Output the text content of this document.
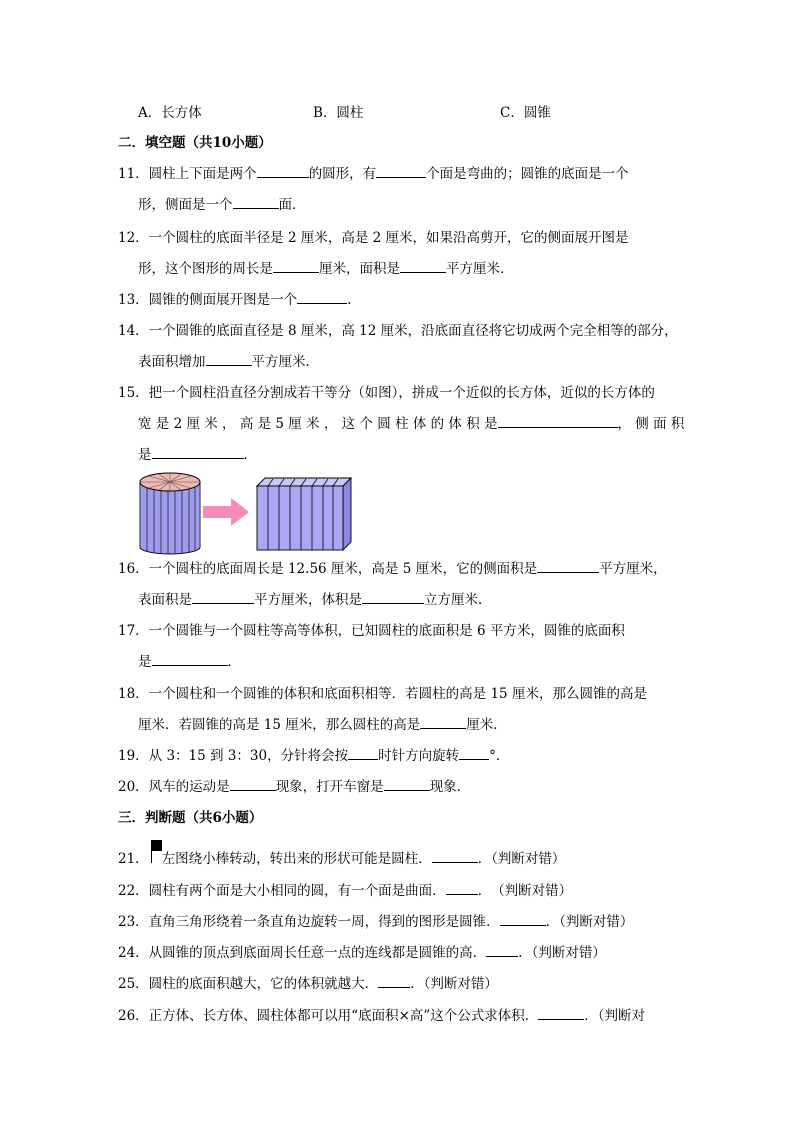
A．长方体	B．圆柱	C．圆锥
二．填空题（共10小题）
11．圆柱上下面是两个	的圆形，有	个面是弯曲的；圆锥的底面是一个
形，侧面是一个	面．
12．一个圆柱的底面半径是 2 厘米，高是 2 厘米，如果沿高剪开，它的侧面展开图是
形，这个图形的周长是	厘米，面积是	平方厘米．
13．圆锥的侧面展开图是一个	．
14．一个圆锥的底面直径是 8 厘米，高 12 厘米，沿底面直径将它切成两个完全相等的部分，
表面积增加	平方厘米．
15．把一个圆柱沿直径分割成若干等分（如图），拼成一个近似的长方体，近似的长方体的
宽 是 2 厘 米 ， 高 是 5 厘 米 ， 这 个 圆 柱 体 的 体 积 是	， 侧 面 积
是	．
16．一个圆柱的底面周长是 12.56 厘米，高是 5 厘米，它的侧面积是	平方厘米，
表面积是	平方厘米，体积是	立方厘米．
17．一个圆锥与一个圆柱等高等体积，已知圆柱的底面积是 6 平方米，圆锥的底面积
是	．
18．一个圆柱和一个圆锥的体积和底面积相等．若圆柱的高是 15 厘米，那么圆锥的高是
厘米．若圆锥的高是 15 厘米，那么圆柱的高是	厘米．
19．从 3：15 到 3：30，分针将会按 时针方向旋转 °．
20．风车的运动是	现象，打开车窗是	现象．
三．判断题（共6小题）
21． 左图绕小棒转动，转出来的形状可能是圆柱．	．（判断对错）
22．圆柱有两个面是大小相同的圆，有一个面是曲面． ．　（判断对错）
23．直角三角形绕着一条直角边旋转一周，得到的图形是圆锥．	．（判断对错）
24．从圆锥的顶点到底面周长任意一点的连线都是圆锥的高． ．（判断对错）
25．圆柱的底面积越大，它的体积就越大． ．（判断对错）
26．正方体、长方体、圆柱体都可以用“底面积×高”这个公式求体积．	．（判断对
